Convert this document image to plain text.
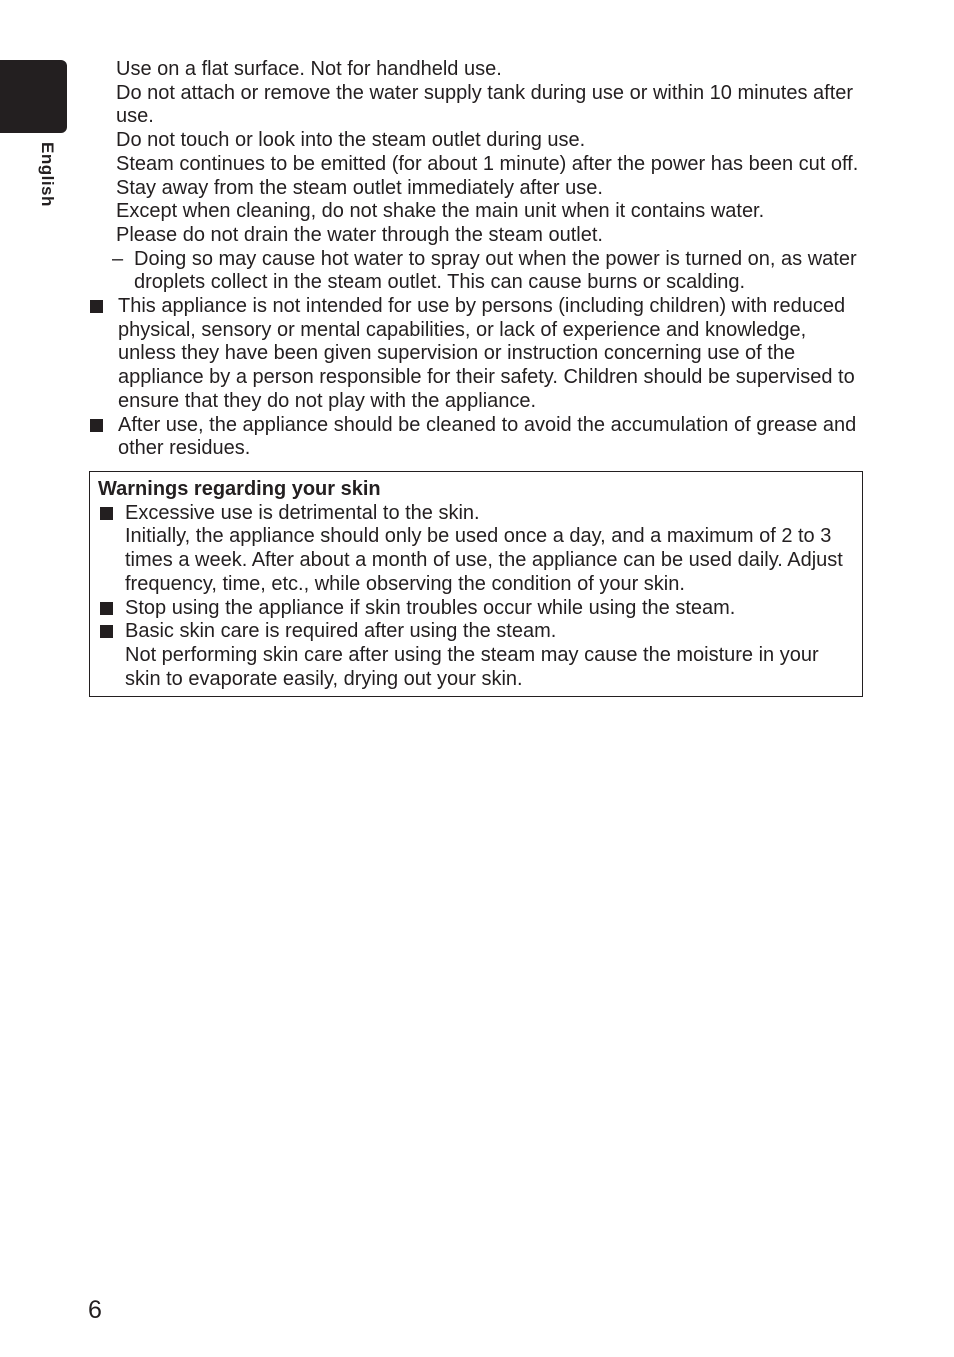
English

Use on a flat surface. Not for handheld use.

Do not attach or remove the water supply tank during use or within 10 minutes after use.

Do not touch or look into the steam outlet during use.

Steam continues to be emitted (for about 1 minute) after the power has been cut off. Stay away from the steam outlet immediately after use.

Except when cleaning, do not shake the main unit when it contains water.

Please do not drain the water through the steam outlet.

– Doing so may cause hot water to spray out when the power is turned on, as water droplets collect in the steam outlet. This can cause burns or scalding.
This appliance is not intended for use by persons (including children) with reduced physical, sensory or mental capabilities, or lack of experience and knowledge, unless they have been given supervision or instruction concerning use of the appliance by a person responsible for their safety. Children should be supervised to ensure that they do not play with the appliance.
After use, the appliance should be cleaned to avoid the accumulation of grease and other residues.

Warnings regarding your skin

Excessive use is detrimental to the skin.

Initially, the appliance should only be used once a day, and a maximum of 2 to 3 times a week. After about a month of use, the appliance can be used daily. Adjust frequency, time, etc., while observing the condition of your skin.

Stop using the appliance if skin troubles occur while using the steam.

Basic skin care is required after using the steam.

Not performing skin care after using the steam may cause the moisture in your skin to evaporate easily, drying out your skin.

6
